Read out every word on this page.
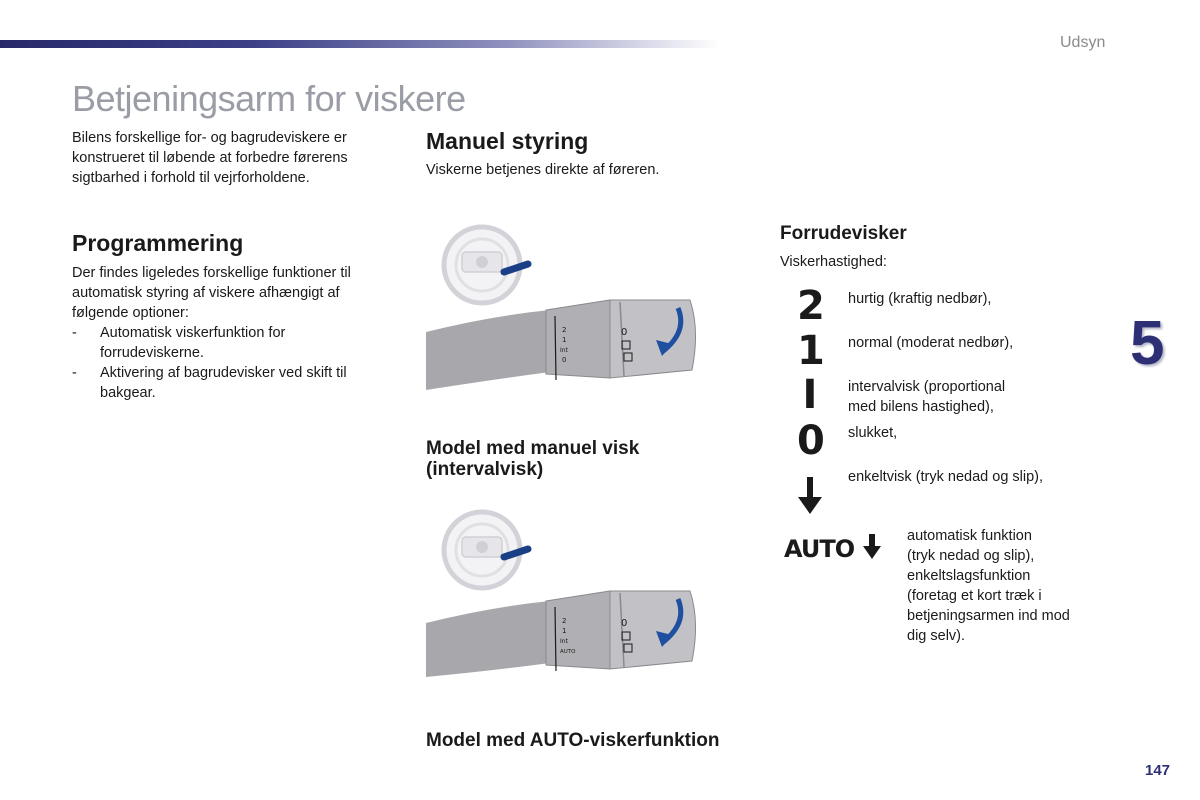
Udsyn
Betjeningsarm for viskere

Bilens forskellige for- og bagrudeviskere er

konstrueret til løbende at forbedre førerens

sigtbarhed i forhold til vejrforholdene.

Programmering

Der findes ligeledes forskellige funktioner til

automatisk styring af viskere afhængigt af

følgende optioner:

- Automatisk viskerfunktion for
forrudeviskerne.
- Aktivering af bagrudevisker ved skift til
bakgear.
Manuel styring

Viskerne betjenes direkte af føreren.

2
1
Int
0
0
Model med manuel visk
(intervalvisk)
2
1
Int
AUTO
0
Model med AUTO-viskerfunktion
Forrudevisker

Viskerhastighed:

2 hurtig (kraftig nedbør),
1 normal (moderat nedbør),
I	intervalvisk (proportional
med bilens hastighed),
0 slukket,
enkeltvisk (tryk nedad og slip),
AUTO	automatisk funktion
(tryk nedad og slip),
enkeltslagsfunktion
(foretag et kort træk i
betjeningsarmen ind mod
dig selv).
5
147
